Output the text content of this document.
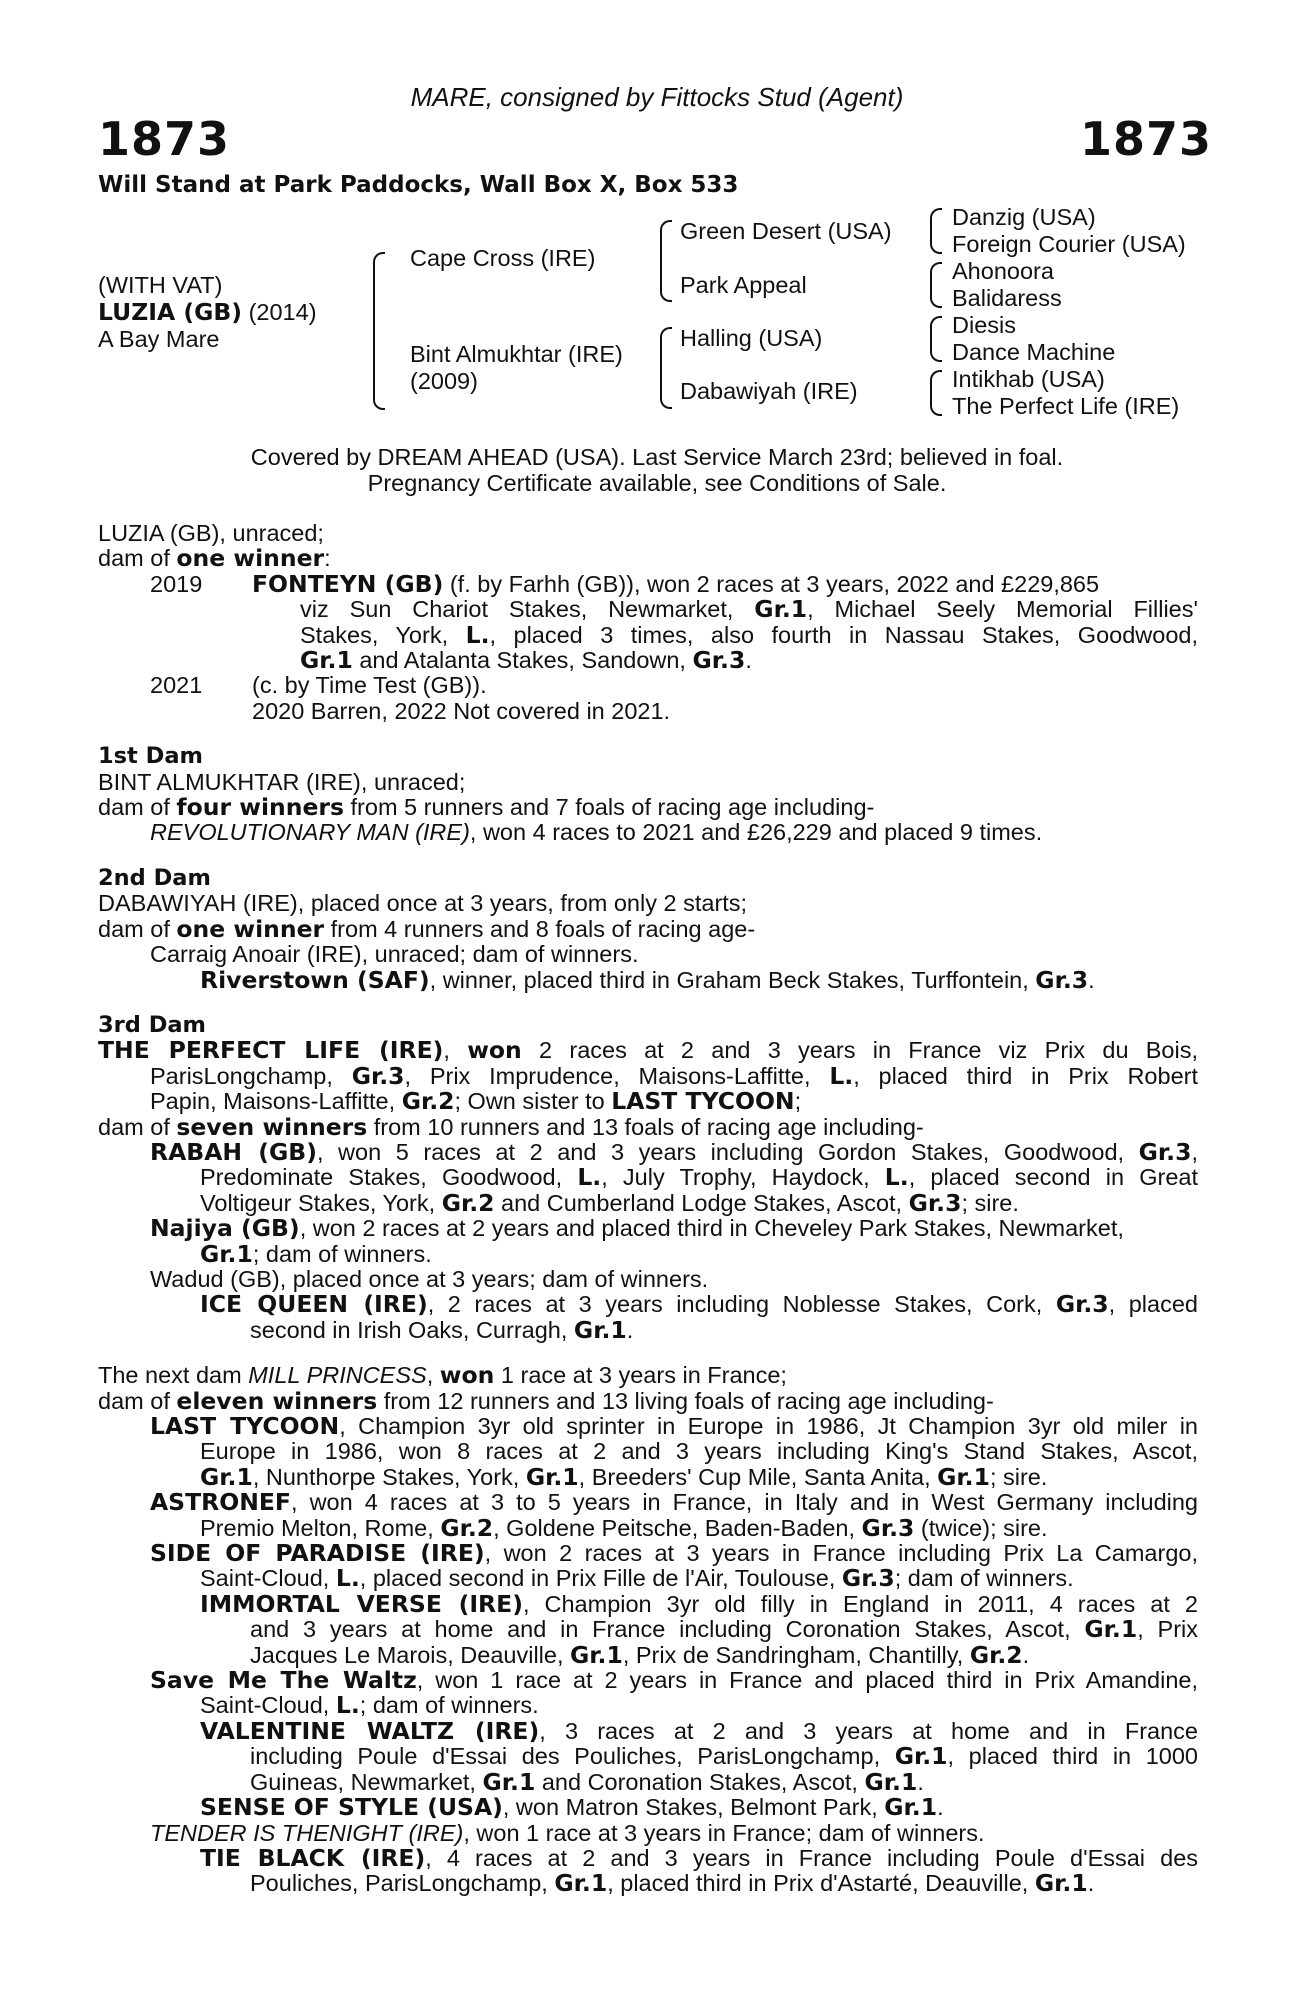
MARE, consigned by Fittocks Stud (Agent)
1873	1873
Will Stand at Park Paddocks, Wall Box X, Box 533
(WITH VAT)
LUZIA (GB) (2014)
A Bay Mare
Cape Cross (IRE)
Bint Almukhtar (IRE)
(2009)
Green Desert (USA)
Park Appeal
Halling (USA)
Dabawiyah (IRE)
Danzig (USA)
Foreign Courier (USA)
Ahonoora
Balidaress
Diesis
Dance Machine
Intikhab (USA)
The Perfect Life (IRE)
Covered by DREAM AHEAD (USA). Last Service March 23rd; believed in foal.
Pregnancy Certificate available, see Conditions of Sale.
LUZIA (GB), unraced;
dam of one winner:
2019 FONTEYN (GB) (f. by Farhh (GB)), won 2 races at 3 years, 2022 and £229,865
viz Sun Chariot Stakes, Newmarket, Gr.1, Michael Seely Memorial Fillies'
Stakes, York, L., placed 3 times, also fourth in Nassau Stakes, Goodwood,
Gr.1 and Atalanta Stakes, Sandown, Gr.3.
2021 (c. by Time Test (GB)).
2020 Barren, 2022 Not covered in 2021.
1st Dam
BINT ALMUKHTAR (IRE), unraced;
dam of four winners from 5 runners and 7 foals of racing age including-
REVOLUTIONARY MAN (IRE), won 4 races to 2021 and £26,229 and placed 9 times.
2nd Dam
DABAWIYAH (IRE), placed once at 3 years, from only 2 starts;
dam of one winner from 4 runners and 8 foals of racing age-
Carraig Anoair (IRE), unraced; dam of winners.
Riverstown (SAF), winner, placed third in Graham Beck Stakes, Turffontein, Gr.3.
3rd Dam
THE PERFECT LIFE (IRE), won 2 races at 2 and 3 years in France viz Prix du Bois,
ParisLongchamp, Gr.3, Prix Imprudence, Maisons-Laffitte, L., placed third in Prix Robert
Papin, Maisons-Laffitte, Gr.2; Own sister to LAST TYCOON;
dam of seven winners from 10 runners and 13 foals of racing age including-
RABAH (GB), won 5 races at 2 and 3 years including Gordon Stakes, Goodwood, Gr.3,
Predominate Stakes, Goodwood, L., July Trophy, Haydock, L., placed second in Great
Voltigeur Stakes, York, Gr.2 and Cumberland Lodge Stakes, Ascot, Gr.3; sire.
Najiya (GB), won 2 races at 2 years and placed third in Cheveley Park Stakes, Newmarket,
Gr.1; dam of winners.
Wadud (GB), placed once at 3 years; dam of winners.
ICE QUEEN (IRE), 2 races at 3 years including Noblesse Stakes, Cork, Gr.3, placed
second in Irish Oaks, Curragh, Gr.1.
The next dam MILL PRINCESS, won 1 race at 3 years in France;
dam of eleven winners from 12 runners and 13 living foals of racing age including-
LAST TYCOON, Champion 3yr old sprinter in Europe in 1986, Jt Champion 3yr old miler in
Europe in 1986, won 8 races at 2 and 3 years including King's Stand Stakes, Ascot,
Gr.1, Nunthorpe Stakes, York, Gr.1, Breeders' Cup Mile, Santa Anita, Gr.1; sire.
ASTRONEF, won 4 races at 3 to 5 years in France, in Italy and in West Germany including
Premio Melton, Rome, Gr.2, Goldene Peitsche, Baden-Baden, Gr.3 (twice); sire.
SIDE OF PARADISE (IRE), won 2 races at 3 years in France including Prix La Camargo,
Saint-Cloud, L., placed second in Prix Fille de l'Air, Toulouse, Gr.3; dam of winners.
IMMORTAL VERSE (IRE), Champion 3yr old filly in England in 2011, 4 races at 2
and 3 years at home and in France including Coronation Stakes, Ascot, Gr.1, Prix
Jacques Le Marois, Deauville, Gr.1, Prix de Sandringham, Chantilly, Gr.2.
Save Me The Waltz, won 1 race at 2 years in France and placed third in Prix Amandine,
Saint-Cloud, L.; dam of winners.
VALENTINE WALTZ (IRE), 3 races at 2 and 3 years at home and in France
including Poule d'Essai des Pouliches, ParisLongchamp, Gr.1, placed third in 1000
Guineas, Newmarket, Gr.1 and Coronation Stakes, Ascot, Gr.1.
SENSE OF STYLE (USA), won Matron Stakes, Belmont Park, Gr.1.
TENDER IS THENIGHT (IRE), won 1 race at 3 years in France; dam of winners.
TIE BLACK (IRE), 4 races at 2 and 3 years in France including Poule d'Essai des
Pouliches, ParisLongchamp, Gr.1, placed third in Prix d'Astarté, Deauville, Gr.1.
